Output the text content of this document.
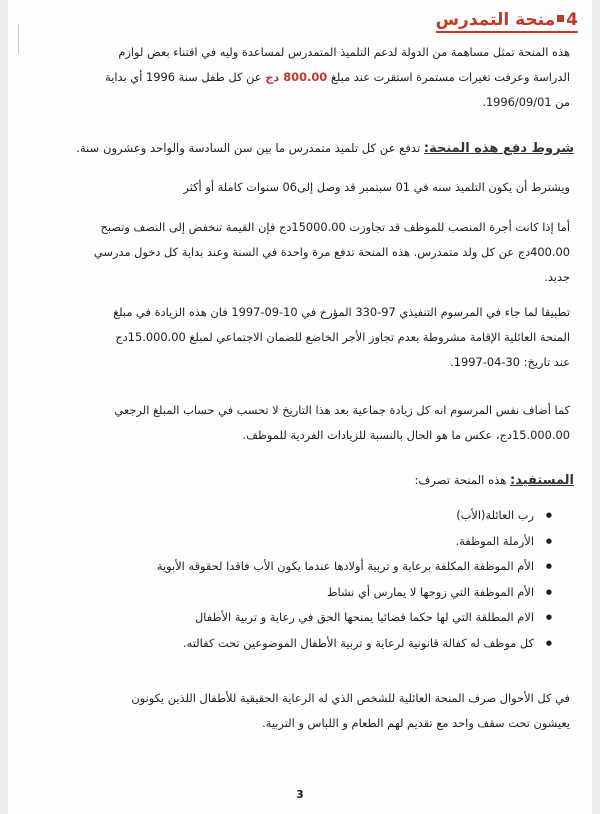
4منحة التمدرس
هذه المنحة تمثل مساهمة من الدولة لدعم التلميذ المتمدرس لمساعدة وليه في اقتناء بعض لوازم
الدراسة وعرفت تغيرات مستمرة استقرت عند مبلغ 800.00 دج عن كل طفل سنة 1996 أي بداية
من 1996/09/01.
شروط دفع هذه المنحة: تدفع عن كل تلميذ متمدرس ما بين سن السادسة والواحد وعشرون سنة.
ويشترط أن يكون التلميذ سنه في 01 سبتمبر قد وصل إلى06 سنوات كاملة أو أكثر
أما إذا كانت أجرة المنصب للموظف قد تجاوزت 15000.00دج فإن القيمة تنخفض إلى النصف وتصبح
400.00دج عن كل ولد متمدرس. هذه المنحة تدفع مرة واحدة في السنة وعند بداية كل دخول مدرسي
جديد.
تطبيقا لما جاء في المرسوم التنفيذي 97-330 المؤرخ في 10-09-1997 فان هذه الزيادة في مبلغ
المنحة العائلية الإقامة مشروطة بعدم تجاوز الأجر الخاضع للضمان الاجتماعي لمبلغ 15.000.00دج
عند تاريخ: 30-04-1997.
كما أضاف نفس المرسوم انه كل زيادة جماعية بعد هذا التاريخ لا تحسب في حساب المبلغ الرجعي
15.000.00دج، عكس ما هو الحال بالنسبة للزيادات الفردية للموظف.
المستفيد: هذه المنحة تصرف:
● رب العائلة(الأب)
● الأرملة الموظفة.
● الأم الموظفة المكلفة برعاية و تربية أولادها عندما يكون الأب فاقدا لحقوقه الأبوية
● الأم الموظفة التي زوجها لا يمارس أي نشاط
● الام المطلقة التي لها حكما قضائيا يمنحها الحق في رعاية و تربية الأطفال
● كل موظف له كفالة قانونية لرعاية و تربية الأطفال الموضوعين تحت كفالته.
في كل الأحوال صرف المنحة العائلية للشخص الذي له الرعاية الحقيقية للأطفال اللذين يكونون
يعيشون تحت سقف واحد مع تقديم لهم الطعام و اللباس و التربية.
3
